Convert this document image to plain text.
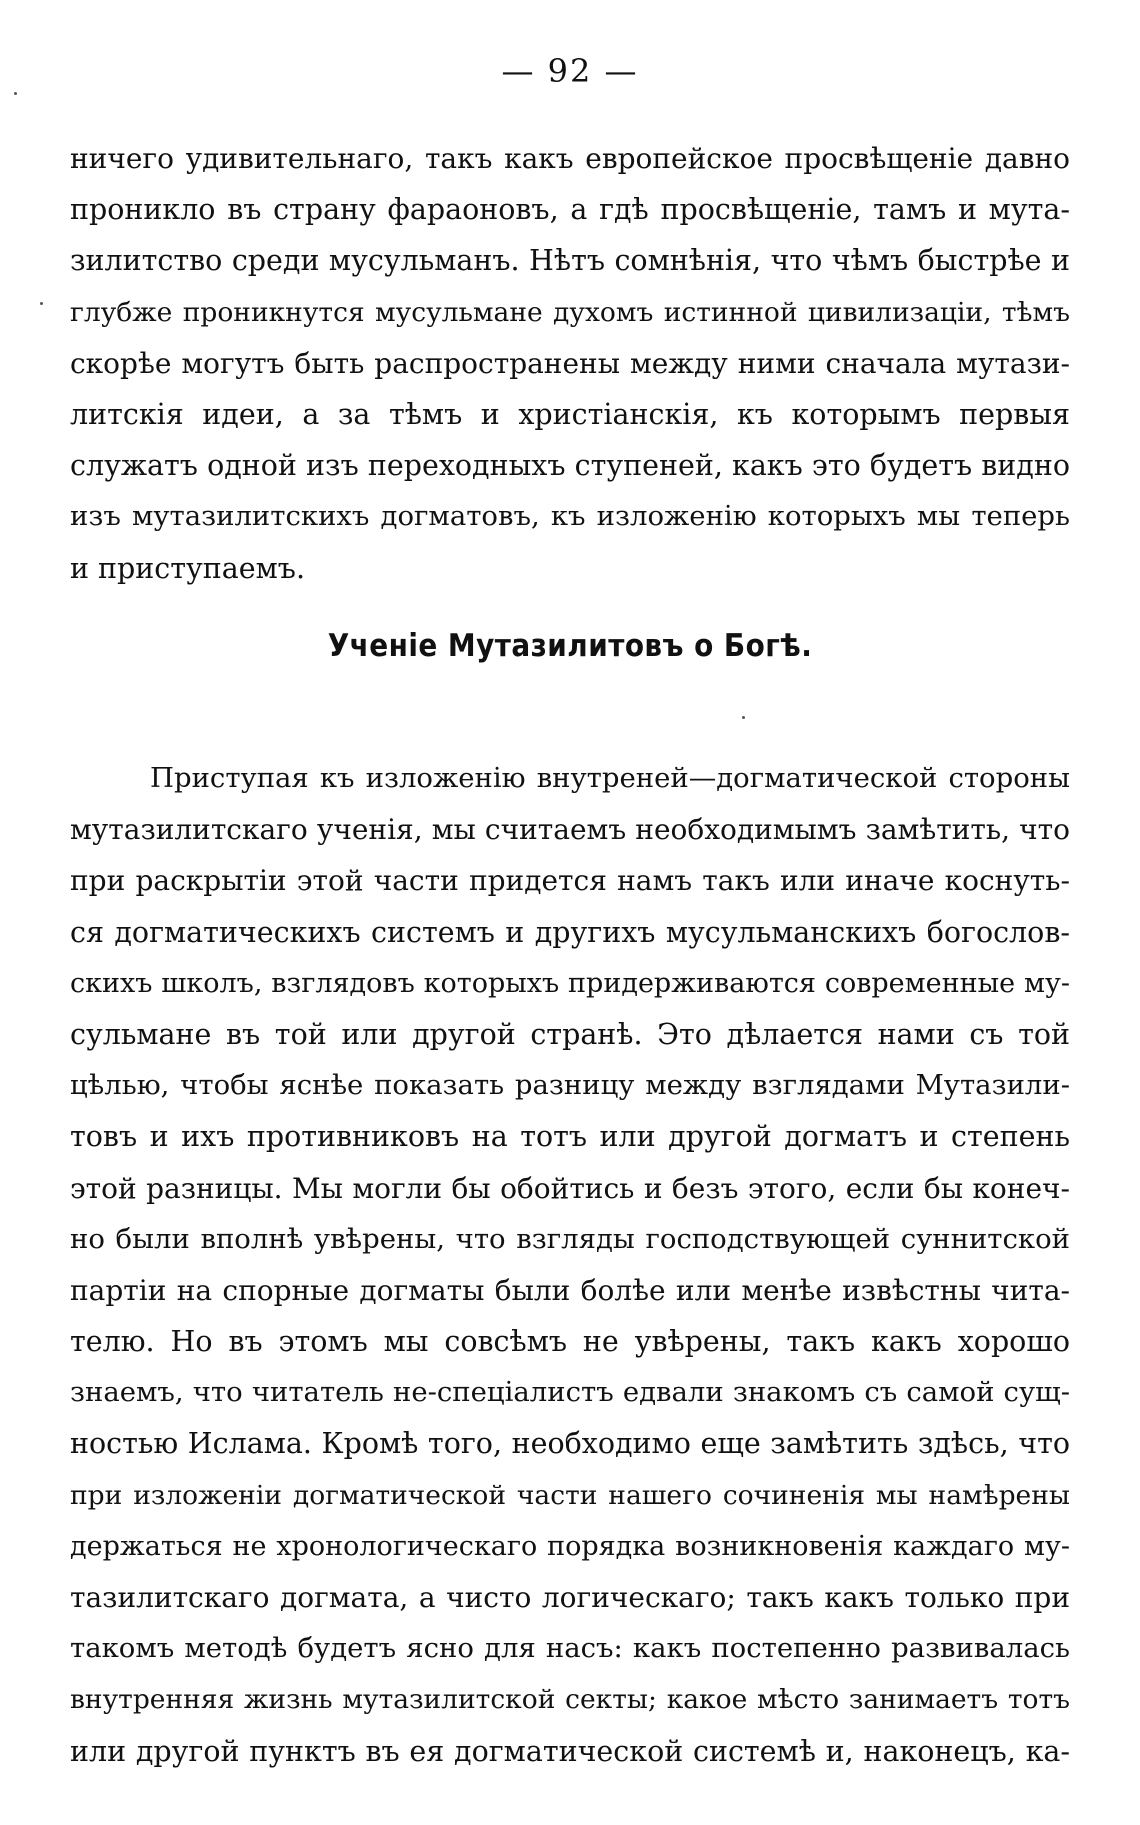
— 92 —
ничего удивительнаго, такъ какъ европейское просвѣщеніе давно
проникло въ страну фараоновъ, а гдѣ просвѣщеніе, тамъ и мута-
зилитство среди мусульманъ. Нѣтъ сомнѣнія, что чѣмъ быстрѣе и
глубже проникнутся мусульмане духомъ истинной цивилизаціи, тѣмъ
скорѣе могутъ быть распространены между ними сначала мутази-
литскія идеи, а за тѣмъ и христіанскія, къ которымъ первыя
служатъ одной изъ переходныхъ ступеней, какъ это будетъ видно
изъ мутазилитскихъ догматовъ, къ изложенію которыхъ мы теперь
и приступаемъ.
Ученіе Мутазилитовъ о Богѣ.
Приступая къ изложенію внутреней—догматической стороны
мутазилитскаго ученія, мы считаемъ необходимымъ замѣтить, что
при раскрытіи этой части придется намъ такъ или иначе коснуть-
ся догматическихъ системъ и другихъ мусульманскихъ богослов-
скихъ школъ, взглядовъ которыхъ придерживаются современные му-
сульмане въ той или другой странѣ. Это дѣлается нами съ той
цѣлью, чтобы яснѣе показать разницу между взглядами Мутазили-
товъ и ихъ противниковъ на тотъ или другой догматъ и степень
этой разницы. Мы могли бы обойтись и безъ этого, если бы конеч-
но были вполнѣ увѣрены, что взгляды господствующей суннитской
партіи на спорные догматы были болѣе или менѣе извѣстны чита-
телю. Но въ этомъ мы совсѣмъ не увѣрены, такъ какъ хорошо
знаемъ, что читатель не-спеціалистъ едвали знакомъ съ самой сущ-
ностью Ислама. Кромѣ того, необходимо еще замѣтить здѣсь, что
при изложеніи догматической части нашего сочиненія мы намѣрены
держаться не хронологическаго порядка возникновенія каждаго му-
тазилитскаго догмата, а чисто логическаго; такъ какъ только при
такомъ методѣ будетъ ясно для насъ: какъ постепенно развивалась
внутренняя жизнь мутазилитской секты; какое мѣсто занимаетъ тотъ
или другой пунктъ въ ея догматической системѣ и, наконецъ, ка-
